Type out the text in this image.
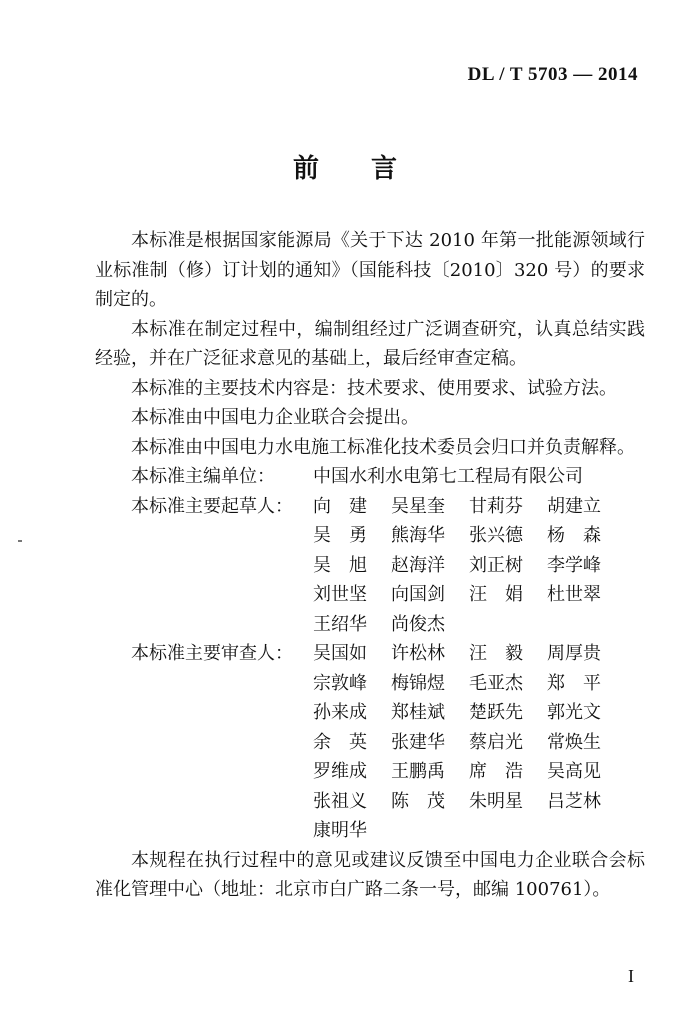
DL / T 5703 — 2014
前言

本标准是根据国家能源局《关于下达 2010 年第一批能源领域行业标准制（修）订计划的通知》（国能科技〔2010〕320 号）的要求制定的。

本标准在制定过程中，编制组经过广泛调查研究，认真总结实践经验，并在广泛征求意见的基础上，最后经审查定稿。

本标准的主要技术内容是：技术要求、使用要求、试验方法。

本标准由中国电力企业联合会提出。

本标准由中国电力水电施工标准化技术委员会归口并负责解释。

本标准主编单位：	中国水利水电第七工程局有限公司
本标准主要起草人：	向　建	吴星奎	甘莉芬	胡建立
吴　勇	熊海华	张兴德	杨　森
吴　旭	赵海洋	刘正树	李学峰
刘世坚	向国剑	汪　娟	杜世翠
王绍华	尚俊杰
本标准主要审查人：	吴国如	许松林	汪　毅	周厚贵
宗敦峰	梅锦煜	毛亚杰	郑　平
孙来成	郑桂斌	楚跃先	郭光文
余　英	张建华	蔡启光	常焕生
罗维成	王鹏禹	席　浩	吴高见
张祖义	陈　茂	朱明星	吕芝林
康明华

本规程在执行过程中的意见或建议反馈至中国电力企业联合会标准化管理中心（地址：北京市白广路二条一号，邮编 100761）。

I
